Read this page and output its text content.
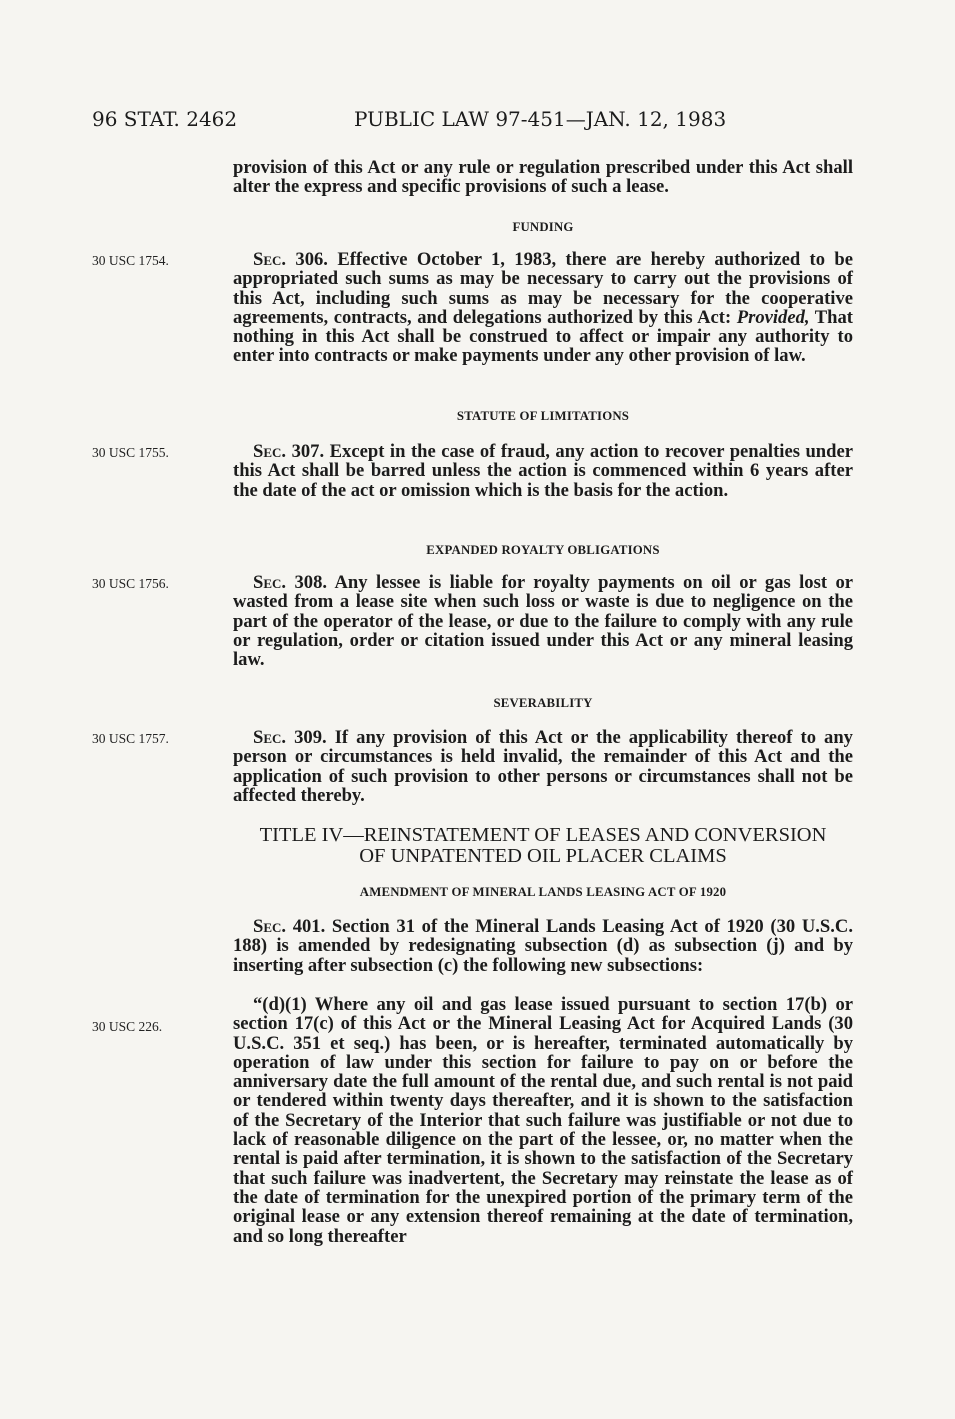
96 STAT. 2462	PUBLIC LAW 97-451—JAN. 12, 1983

provision of this Act or any rule or regulation prescribed under this Act shall alter the express and specific provisions of such a lease.

FUNDING
30 USC 1754.	Sec. 306. Effective October 1, 1983, there are hereby authorized to be appropriated such sums as may be necessary to carry out the provisions of this Act, including such sums as may be necessary for the cooperative agreements, contracts, and delegations authorized by this Act: Provided, That nothing in this Act shall be construed to affect or impair any authority to enter into contracts or make payments under any other provision of law.

STATUTE OF LIMITATIONS
30 USC 1755.	Sec. 307. Except in the case of fraud, any action to recover penalties under this Act shall be barred unless the action is commenced within 6 years after the date of the act or omission which is the basis for the action.

EXPANDED ROYALTY OBLIGATIONS
30 USC 1756.	Sec. 308. Any lessee is liable for royalty payments on oil or gas lost or wasted from a lease site when such loss or waste is due to negligence on the part of the operator of the lease, or due to the failure to comply with any rule or regulation, order or citation issued under this Act or any mineral leasing law.

SEVERABILITY
30 USC 1757.	Sec. 309. If any provision of this Act or the applicability thereof to any person or circumstances is held invalid, the remainder of this Act and the application of such provision to other persons or circumstances shall not be affected thereby.

TITLE IV—REINSTATEMENT OF LEASES AND CONVERSION
OF UNPATENTED OIL PLACER CLAIMS
AMENDMENT OF MINERAL LANDS LEASING ACT OF 1920

Sec. 401. Section 31 of the Mineral Lands Leasing Act of 1920 (30 U.S.C. 188) is amended by redesignating subsection (d) as subsection (j) and by inserting after subsection (c) the following new subsections:

30 USC 226.

“(d)(1) Where any oil and gas lease issued pursuant to section 17(b) or section 17(c) of this Act or the Mineral Leasing Act for Acquired Lands (30 U.S.C. 351 et seq.) has been, or is hereafter, terminated automatically by operation of law under this section for failure to pay on or before the anniversary date the full amount of the rental due, and such rental is not paid or tendered within twenty days thereafter, and it is shown to the satisfaction of the Secretary of the Interior that such failure was justifiable or not due to lack of reasonable diligence on the part of the lessee, or, no matter when the rental is paid after termination, it is shown to the satisfaction of the Secretary that such failure was inadvertent, the Secretary may reinstate the lease as of the date of termination for the unexpired portion of the primary term of the original lease or any extension thereof remaining at the date of termination, and so long thereafter
